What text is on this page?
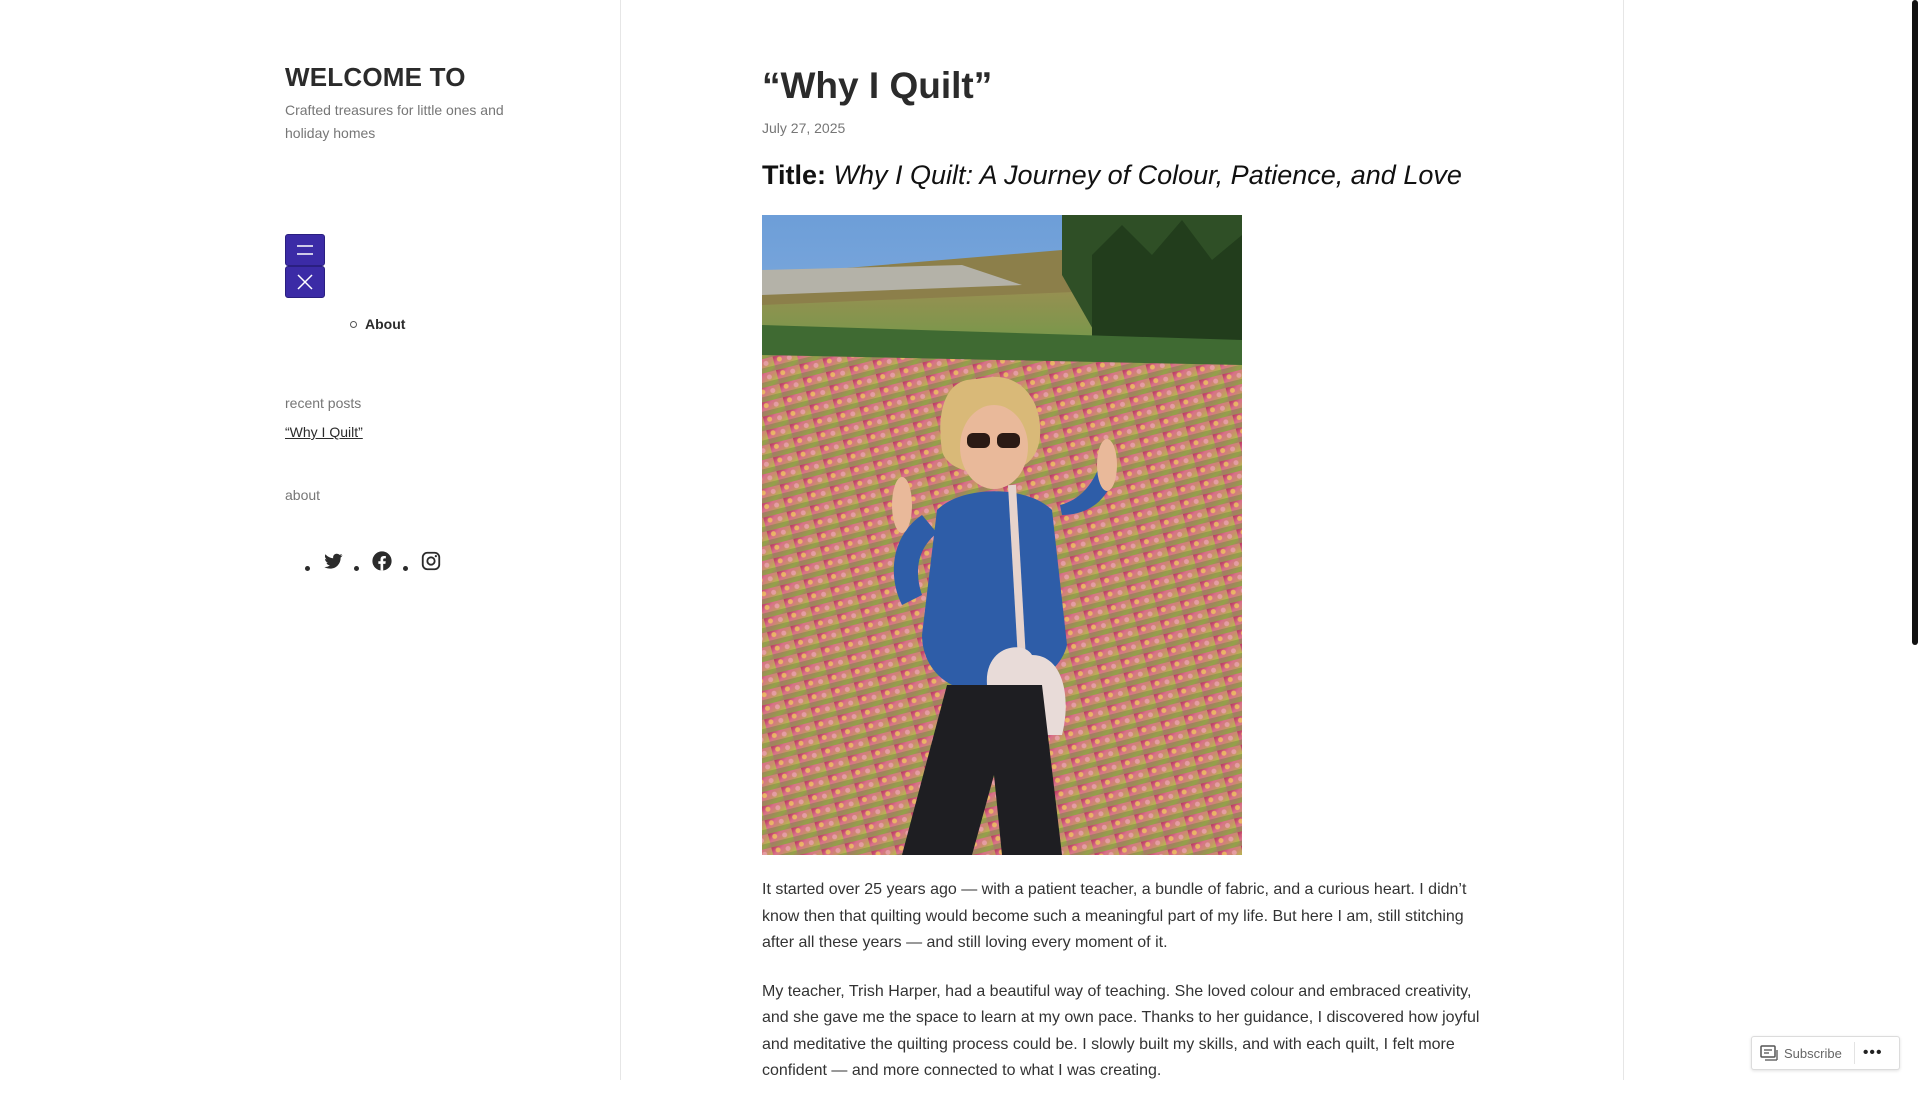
WELCOME TO

Crafted treasures for little ones and holiday homes

About
recent posts
“Why I Quilt”
about
“Why I Quilt”
July 27, 2025
Title: Why I Quilt: A Journey of Colour, Patience, and Love

It started over 25 years ago — with a patient teacher, a bundle of fabric, and a curious heart. I didn’t know then that quilting would become such a meaningful part of my life. But here I am, still stitching after all these years — and still loving every moment of it.

My teacher, Trish Harper, had a beautiful way of teaching. She loved colour and embraced creativity, and she gave me the space to learn at my own pace. Thanks to her guidance, I discovered how joyful and meditative the quilting process could be. I slowly built my skills, and with each quilt, I felt more confident — and more connected to what I was creating.

Subscribe •••
